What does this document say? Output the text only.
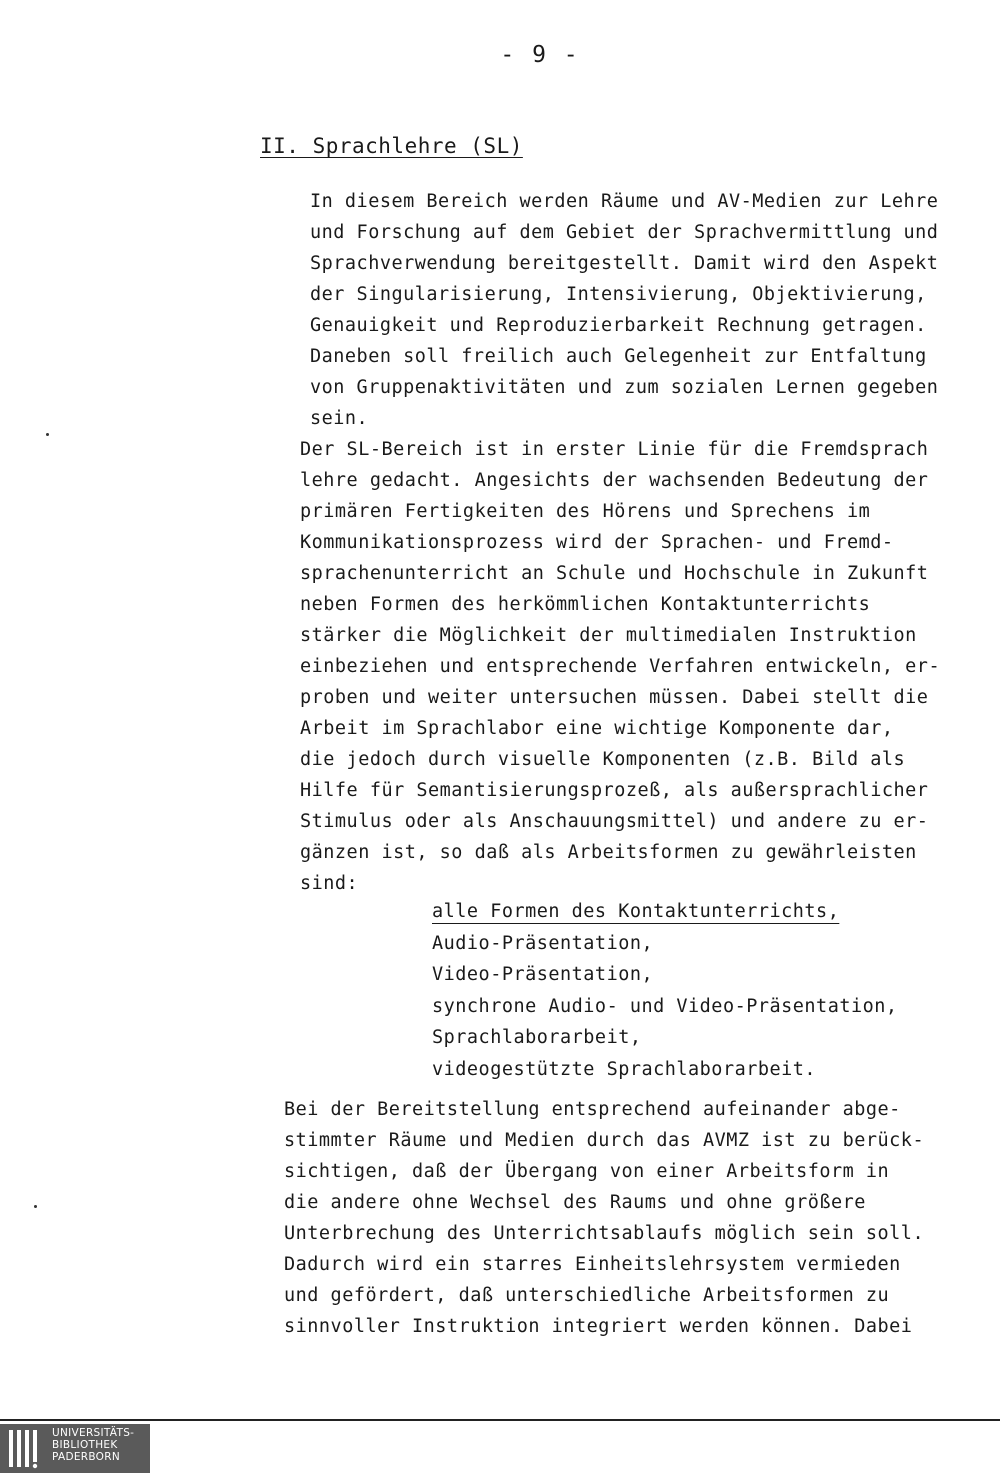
- 9 -
II. Sprachlehre (SL)
In diesem Bereich werden Räume und AV-Medien zur Lehre
und Forschung auf dem Gebiet der Sprachvermittlung und
Sprachverwendung bereitgestellt. Damit wird den Aspekt
der Singularisierung, Intensivierung, Objektivierung,
Genauigkeit und Reproduzierbarkeit Rechnung getragen.
Daneben soll freilich auch Gelegenheit zur Entfaltung
von Gruppenaktivitäten und zum sozialen Lernen gegeben
sein.
Der SL-Bereich ist in erster Linie für die Fremdsprach
lehre gedacht. Angesichts der wachsenden Bedeutung der
primären Fertigkeiten des Hörens und Sprechens im
Kommunikationsprozess wird der Sprachen- und Fremd-
sprachenunterricht an Schule und Hochschule in Zukunft
neben Formen des herkömmlichen Kontaktunterrichts
stärker die Möglichkeit der multimedialen Instruktion
einbeziehen und entsprechende Verfahren entwickeln, er-
proben und weiter untersuchen müssen. Dabei stellt die
Arbeit im Sprachlabor eine wichtige Komponente dar,
die jedoch durch visuelle Komponenten (z.B. Bild als
Hilfe für Semantisierungsprozeß, als außersprachlicher
Stimulus oder als Anschauungsmittel) und andere zu er-
gänzen ist, so daß als Arbeitsformen zu gewährleisten
sind:
alle Formen des Kontaktunterrichts,
Audio-Präsentation,
Video-Präsentation,
synchrone Audio- und Video-Präsentation,
Sprachlaborarbeit,
videogestützte Sprachlaborarbeit.
Bei der Bereitstellung entsprechend aufeinander abge-
stimmter Räume und Medien durch das AVMZ ist zu berück-
sichtigen, daß der Übergang von einer Arbeitsform in
die andere ohne Wechsel des Raums und ohne größere
Unterbrechung des Unterrichtsablaufs möglich sein soll.
Dadurch wird ein starres Einheitslehrsystem vermieden
und gefördert, daß unterschiedliche Arbeitsformen zu
sinnvoller Instruktion integriert werden können. Dabei
UNIVERSITÄTS-
BIBLIOTHEK
PADERBORN
